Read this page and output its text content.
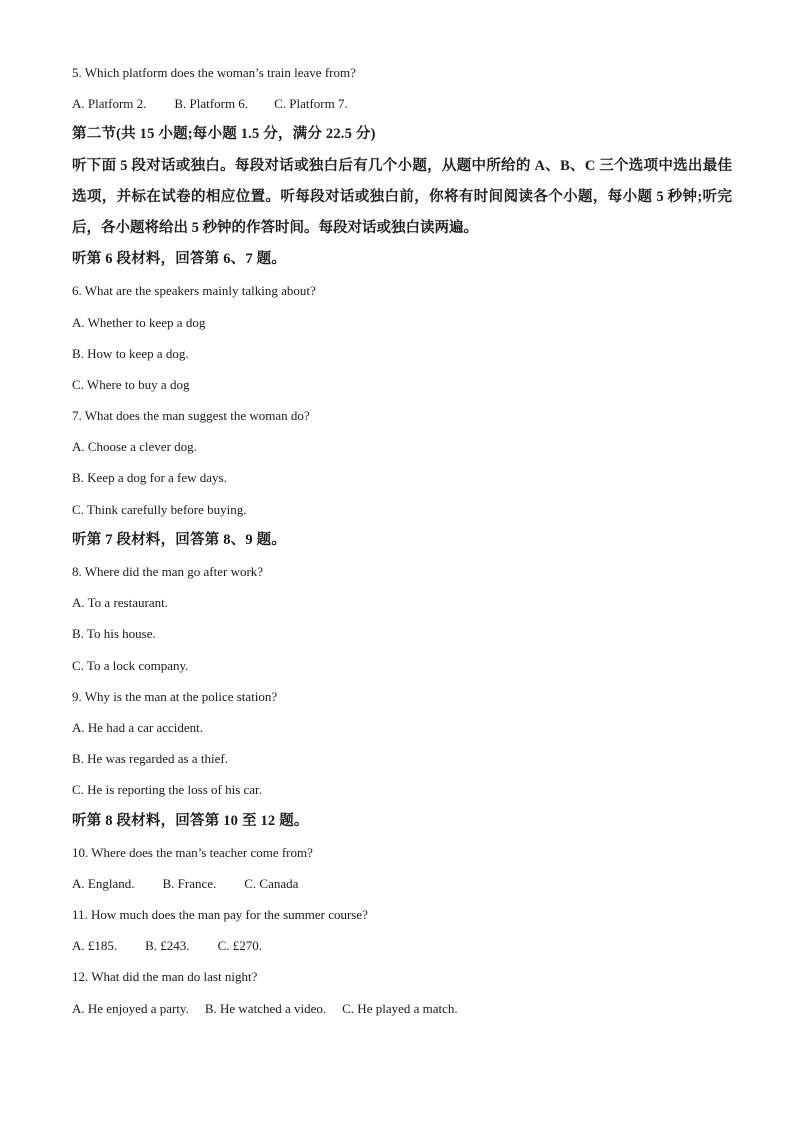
5. Which platform does the woman’s train leave from?
A. Platform 2. B. Platform 6. C. Platform 7.
第二节(共 15 小题;每小题 1.5 分，满分 22.5 分)
听下面 5 段对话或独白。每段对话或独白后有几个小题，从题中所给的 A、B、C 三个选项中选出最佳选项，并标在试卷的相应位置。听每段对话或独白前，你将有时间阅读各个小题，每小题 5 秒钟;听完后，各小题将给出 5 秒钟的作答时间。每段对话或独白读两遍。
听第 6 段材料，回答第 6、7 题。
6. What are the speakers mainly talking about?
A. Whether to keep a dog
B. How to keep a dog.
C. Where to buy a dog
7. What does the man suggest the woman do?
A. Choose a clever dog.
B. Keep a dog for a few days.
C. Think carefully before buying.
听第 7 段材料，回答第 8、9 题。
8. Where did the man go after work?
A. To a restaurant.
B. To his house.
C. To a lock company.
9. Why is the man at the police station?
A. He had a car accident.
B. He was regarded as a thief.
C. He is reporting the loss of his car.
听第 8 段材料，回答第 10 至 12 题。
10. Where does the man’s teacher come from?
A. England. B. France. C. Canada
11. How much does the man pay for the summer course?
A. £185. B. £243. C. £270.
12. What did the man do last night?
A. He enjoyed a party. B. He watched a video. C. He played a match.
